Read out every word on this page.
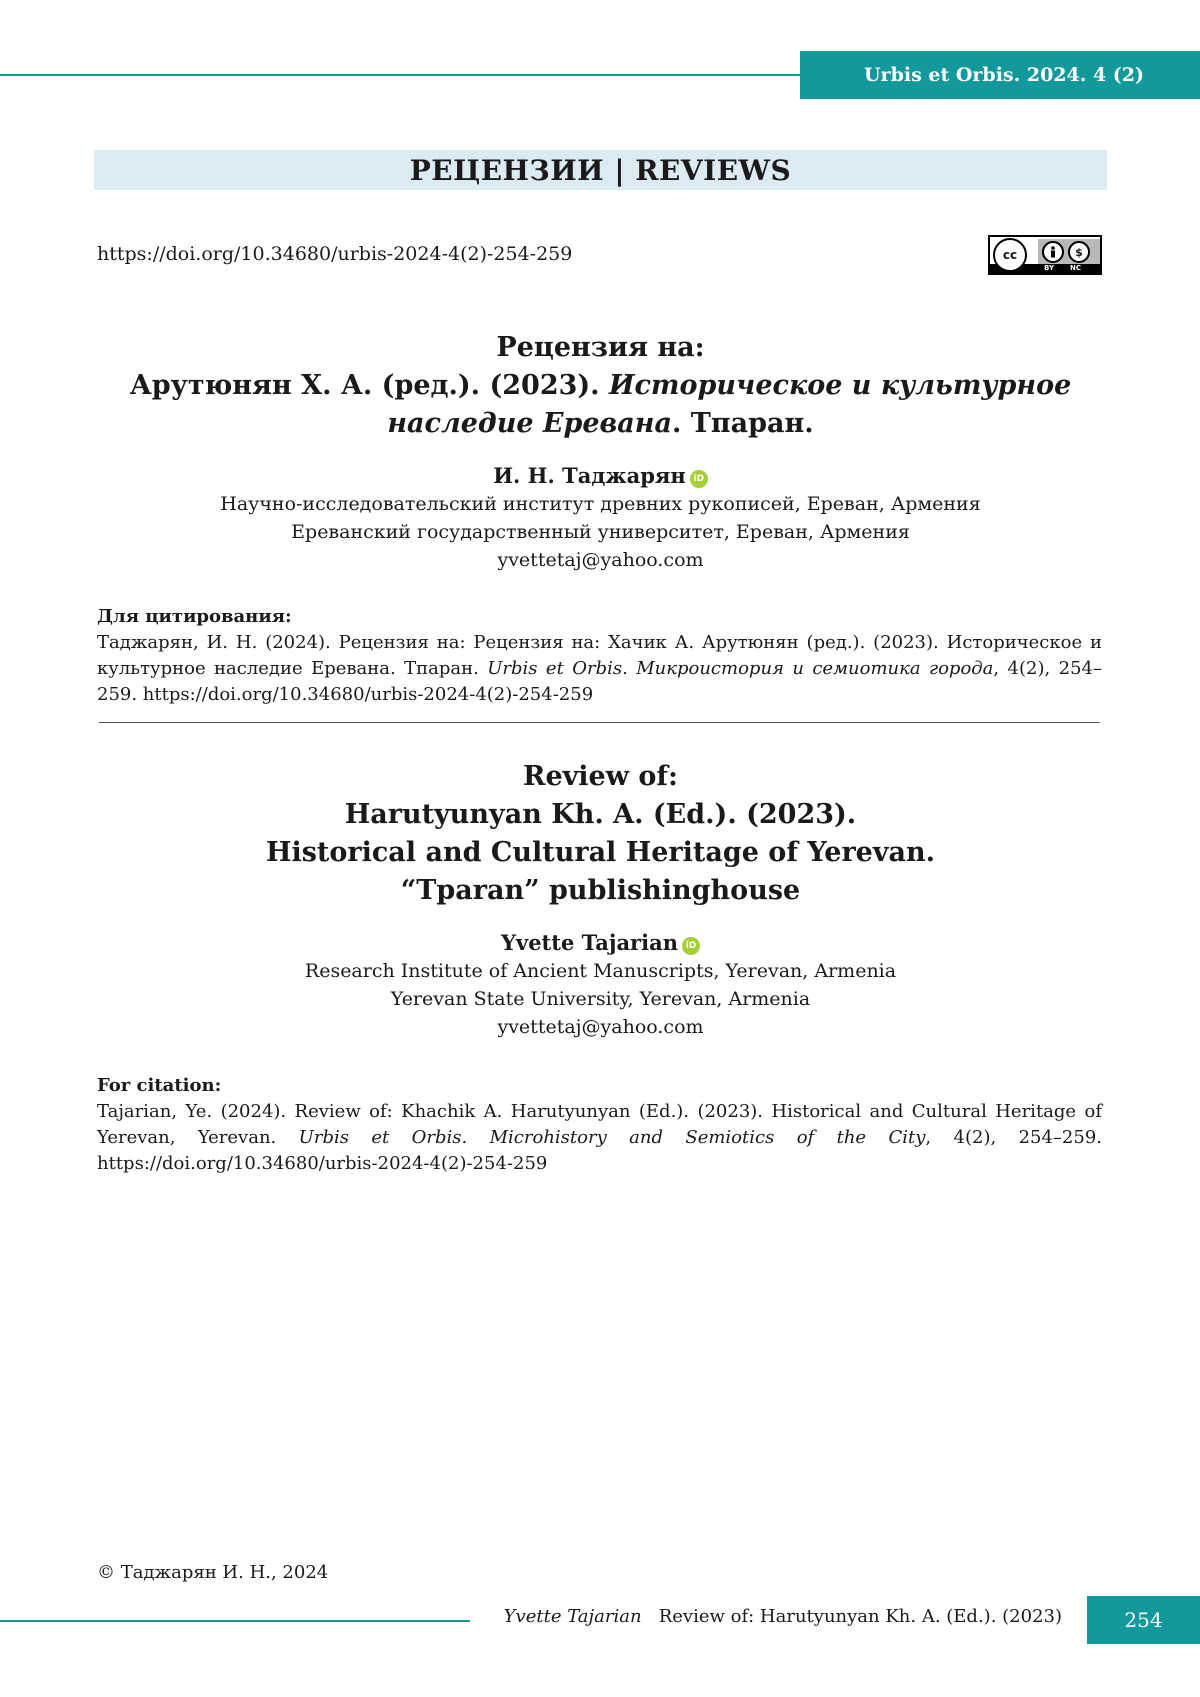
Urbis et Orbis. 2024. 4 (2)
РЕЦЕНЗИИ | REVIEWS
https://doi.org/10.34680/urbis-2024-4(2)-254-259	cc	$
BY NC
Рецензия на:
Арутюнян Х. А. (ред.). (2023). Историческое и культурное
наследие Еревана. Тпаран.
И. Н. Таджарян iD
Научно-исследовательский институт древних рукописей, Ереван, Армения
Ереванский государственный университет, Ереван, Армения
yvettetaj@yahoo.com
Для цитирования:
Таджарян, И. Н. (2024). Рецензия на: Рецензия на: Хачик А. Арутюнян (ред.). (2023). Историческое и культурное наследие Еревана. Тпаран. Urbis et Orbis. Микроистория и семиотика города, 4(2), 254–259. https://doi.org/10.34680/urbis-2024-4(2)-254-259
Review of:
Harutyunyan Kh. A. (Ed.). (2023).
Historical and Cultural Heritage of Yerevan.
“Tparan” publishinghouse
Yvette Tajarian iD
Research Institute of Ancient Manuscripts, Yerevan, Armenia
Yerevan State University, Yerevan, Armenia
yvettetaj@yahoo.com
For citation:
Tajarian, Ye. (2024). Review of: Khachik A. Harutyunyan (Ed.). (2023). Historical and Cultural Heritage of Yerevan, Yerevan. Urbis et Orbis. Microhistory and Semiotics of the City, 4(2), 254–259. https://doi.org/10.34680/urbis-2024-4(2)-254-259
© Таджарян И. Н., 2024
Yvette Tajarian Review of: Harutyunyan Kh. A. (Ed.). (2023)	254
